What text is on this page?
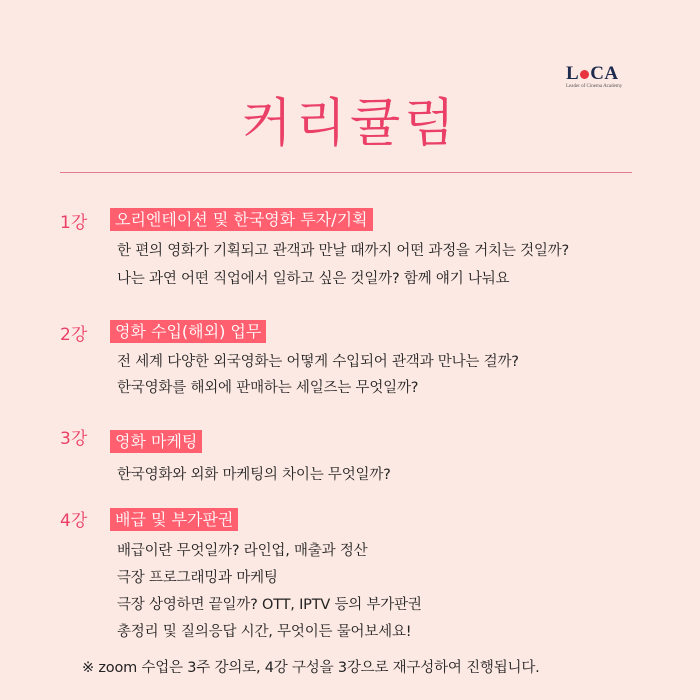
L CA
Leader of Cinema Academy
커리큘럼
1강	오리엔테이션 및 한국영화 투자/기획
한 편의 영화가 기획되고 관객과 만날 때까지 어떤 과정을 거치는 것일까?
나는 과연 어떤 직업에서 일하고 싶은 것일까? 함께 얘기 나눠요
2강	영화 수입(해외) 업무
전 세계 다양한 외국영화는 어떻게 수입되어 관객과 만나는 걸까?
한국영화를 해외에 판매하는 세일즈는 무엇일까?
3강	영화 마케팅
한국영화와 외화 마케팅의 차이는 무엇일까?
4강	배급 및 부가판권
배급이란 무엇일까? 라인업, 매출과 정산
극장 프로그래밍과 마케팅
극장 상영하면 끝일까? OTT, IPTV 등의 부가판권
총정리 및 질의응답 시간, 무엇이든 물어보세요!
※ zoom 수업은 3주 강의로, 4강 구성을 3강으로 재구성하여 진행됩니다.
